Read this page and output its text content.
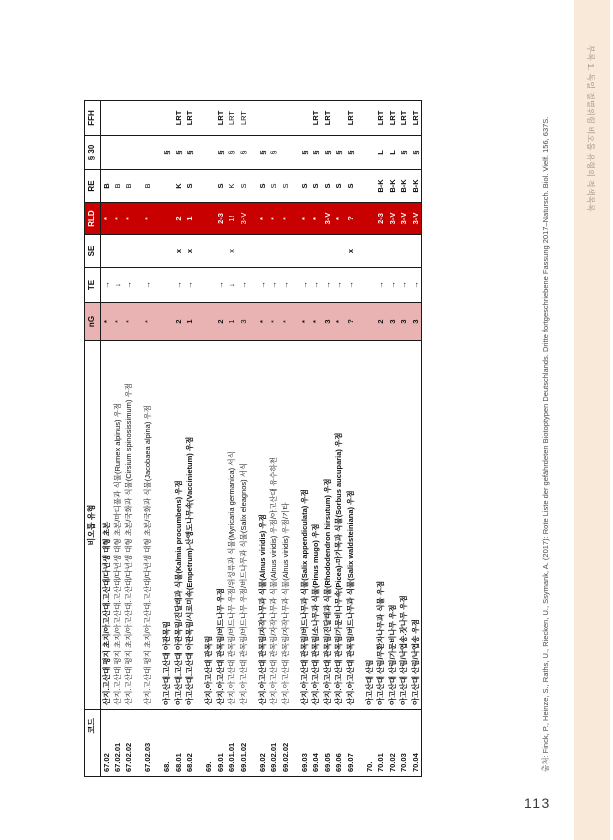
부록 1. 독일 절멸위험 비오톱 유형의 적색목록
코드	비오톱 유형	nG	TE	SE	RLD	RE	§ 30	FFH
67.02	산지.고산대 평지 초지/아고산대.고산대/다년생 대형 초본	*	→		*	B		
67.02.01	산지.고산대 평지 초지/아고산대.고산대/다년생 대형 초본/마디풀과 식물(Rumex alpinus) 우점	*	↓		*	B		
67.02.02	산지.고산대 평지 초지/아고산대.고산대/다년생 대형 초본/국화과 식물(Cirsium spinosissimum) 우점	*	→		*	B		

67.02.03	산지.고산대 평지 초지/아고산대.고산대/다년생 대형 초본/국화과 식물(Jacobaea alpina) 우점	*	→		*	B		

68.	아고산대.고산대 아관목림						§	
68.01	아고산대.고산대 아관목림/진달래과 식물(Kalmia procumbens) 우점	2	→	x	2	K	§	LRT
68.02	아고산대.고산대 아관목림/시로미속(Empetrum)-산앵도나무속(Vaccinietum) 우점	1	→	x	1	S	§	LRT

69.	산지.아고산대 관목림							
69.01	산지.아고산대 관목림/버드나무 우점	2	→		2-3	S	§	LRT
69.01.01	산지.아고산대 관목림/버드나무 우점/위성류과 식물(Myricaria germanica) 서식	1	↓	x	1!	K	§	LRT
69.01.02	산지.아고산대 관목림/버드나무 우점/버드나무과 식물(Salix eleagnos) 서식	3	→		3-V	S	§	LRT

69.02	산지.아고산대 관목림/자작나무과 식물(Alnus viridis) 우점	*	→		*	S	§	
69.02.01	산지.아고산대 관목림/자작나무과 식물(Alnus viridis) 우점/아고산대 유수하천	*	→		*	S	§	
69.02.02	산지.아고산대 관목림/자작나무과 식물(Alnus viridis) 우점/기타	*	→		*	S		

69.03	산지.아고산대 관목림/버드나무과 식물(Salix appendiculata) 우점	*	→		*	S	§	
69.04	산지.아고산대 관목림/소나무과 식물(Pinus mugo) 우점	*	→		*	S	§	LRT
69.05	산지.아고산대 관목림/진달래과 식물(Rhododendron hirsutum) 우점	3	→		3-V	S	§	LRT
69.06	산지.아고산대 관목림/가문비나무속(Picea)-마가목과 식물(Sorbus aucuparia) 우점	*	→		*	S	§	
69.07	산지.아고산대 관목림/버드나무과 식물(Salix waldsteiniana) 우점	?	→	x	?	S	§	LRT

70.	아고산대 산림							
70.01	아고산대 산림/무환자나무과 식물 우점	2	→		2-3	B-K	L	LRT
70.02	아고산대 산림/가문비나무 우점	3	→		3-V	B-K	L	LRT
70.03	아고산대 산림/낙엽송.잣나무 우점	3	→		3-V	B-K	§	LRT
70.04	아고산대 산림/낙엽송 우점	3	→		3-V	B-K	§	LRT	출처: Finck, P., Heinze, S., Raths, U., Riecken, U., Ssymank, A. (2017): Rote Liste der gefährdeten Biotoptypen Deutschlands. Dritte fortgeschriebene Fassung 2017–Natursch. Biol. Vielf. 156, 637S.
113
